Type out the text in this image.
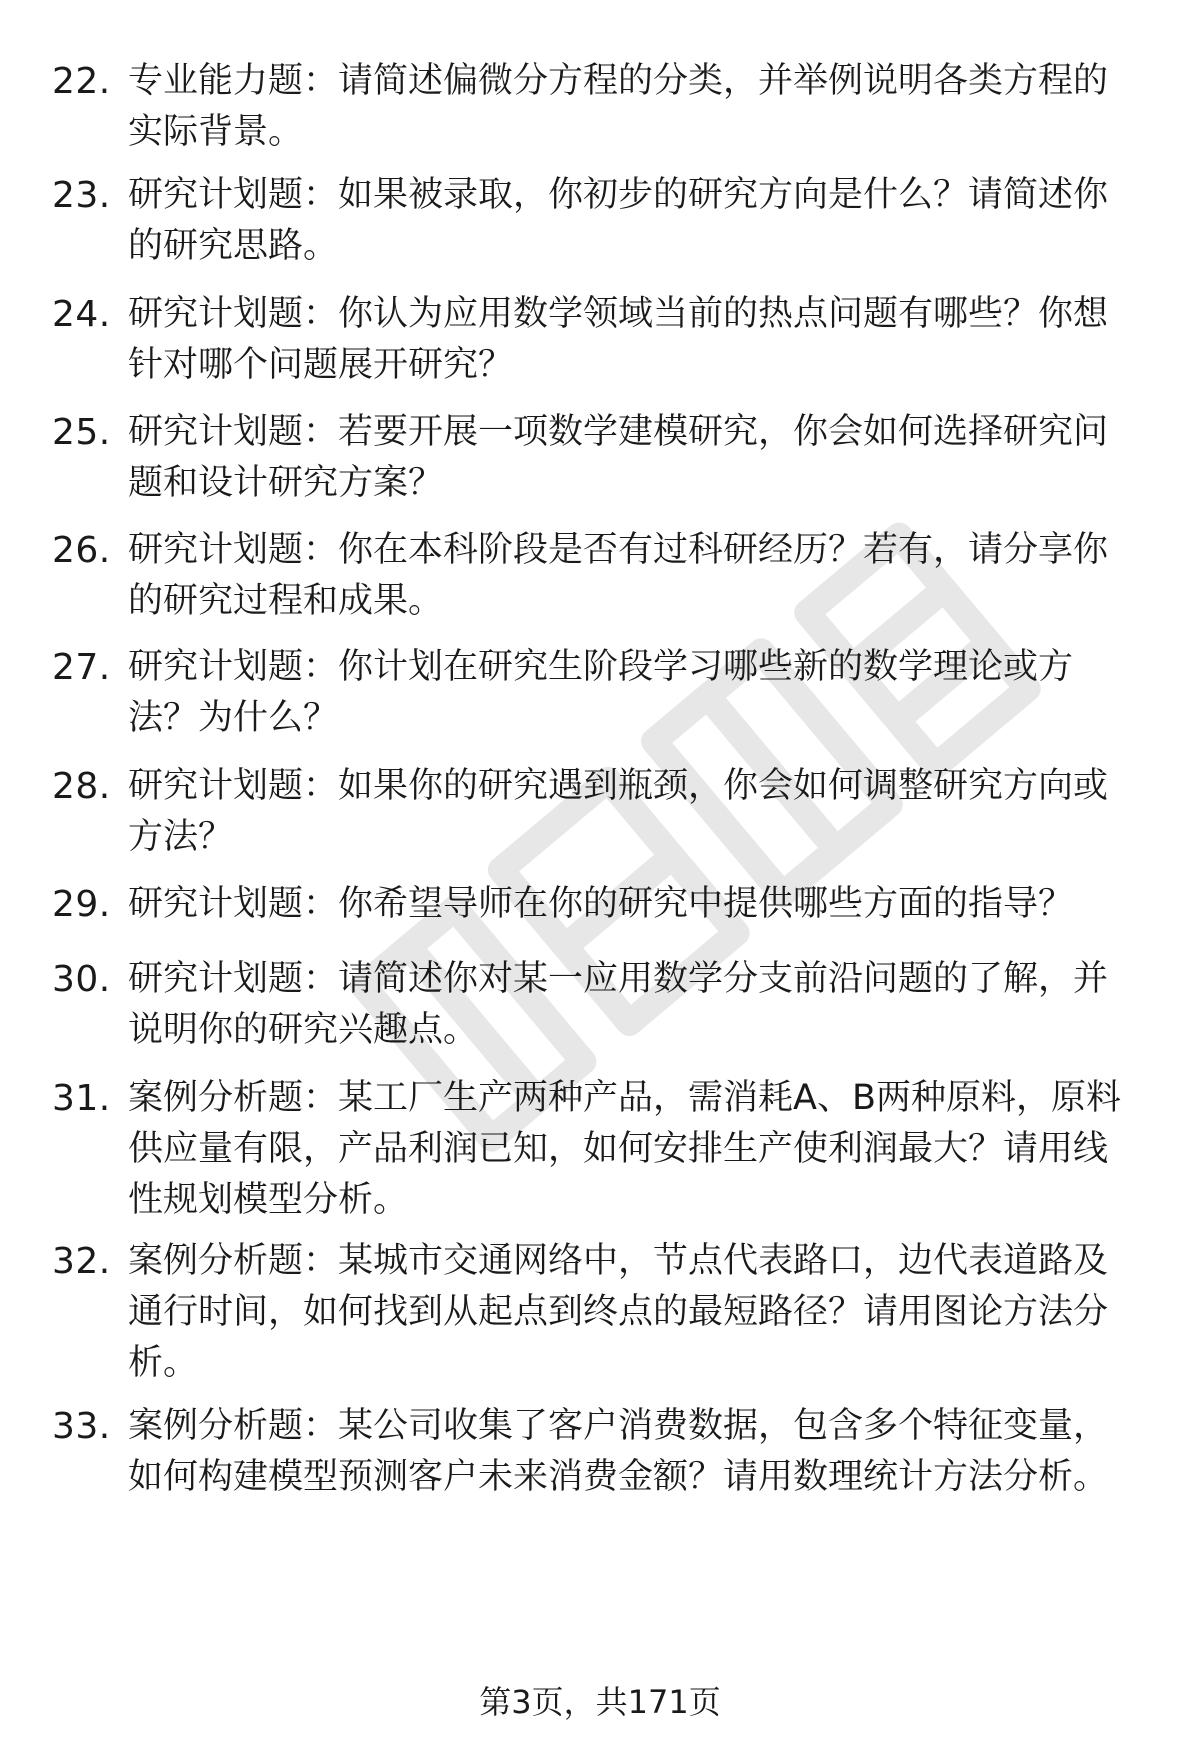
22. 专业能力题：请简述偏微分方程的分类，并举例说明各类方程的
实际背景。

23. 研究计划题：如果被录取，你初步的研究方向是什么？请简述你
的研究思路。

24. 研究计划题：你认为应用数学领域当前的热点问题有哪些？你想
针对哪个问题展开研究？

25. 研究计划题：若要开展一项数学建模研究，你会如何选择研究问
题和设计研究方案？

26. 研究计划题：你在本科阶段是否有过科研经历？若有，请分享你
的研究过程和成果。

27. 研究计划题：你计划在研究生阶段学习哪些新的数学理论或方
法？为什么？

28. 研究计划题：如果你的研究遇到瓶颈，你会如何调整研究方向或
方法？

29. 研究计划题：你希望导师在你的研究中提供哪些方面的指导？

30. 研究计划题：请简述你对某一应用数学分支前沿问题的了解，并
说明你的研究兴趣点。

31. 案例分析题：某工厂生产两种产品，需消耗A、B两种原料，原料
供应量有限，产品利润已知，如何安排生产使利润最大？请用线
性规划模型分析。

32. 案例分析题：某城市交通网络中，节点代表路口，边代表道路及
通行时间，如何找到从起点到终点的最短路径？请用图论方法分
析。

33. 案例分析题：某公司收集了客户消费数据，包含多个特征变量，
如何构建模型预测客户未来消费金额？请用数理统计方法分析。

第3页，共171页
